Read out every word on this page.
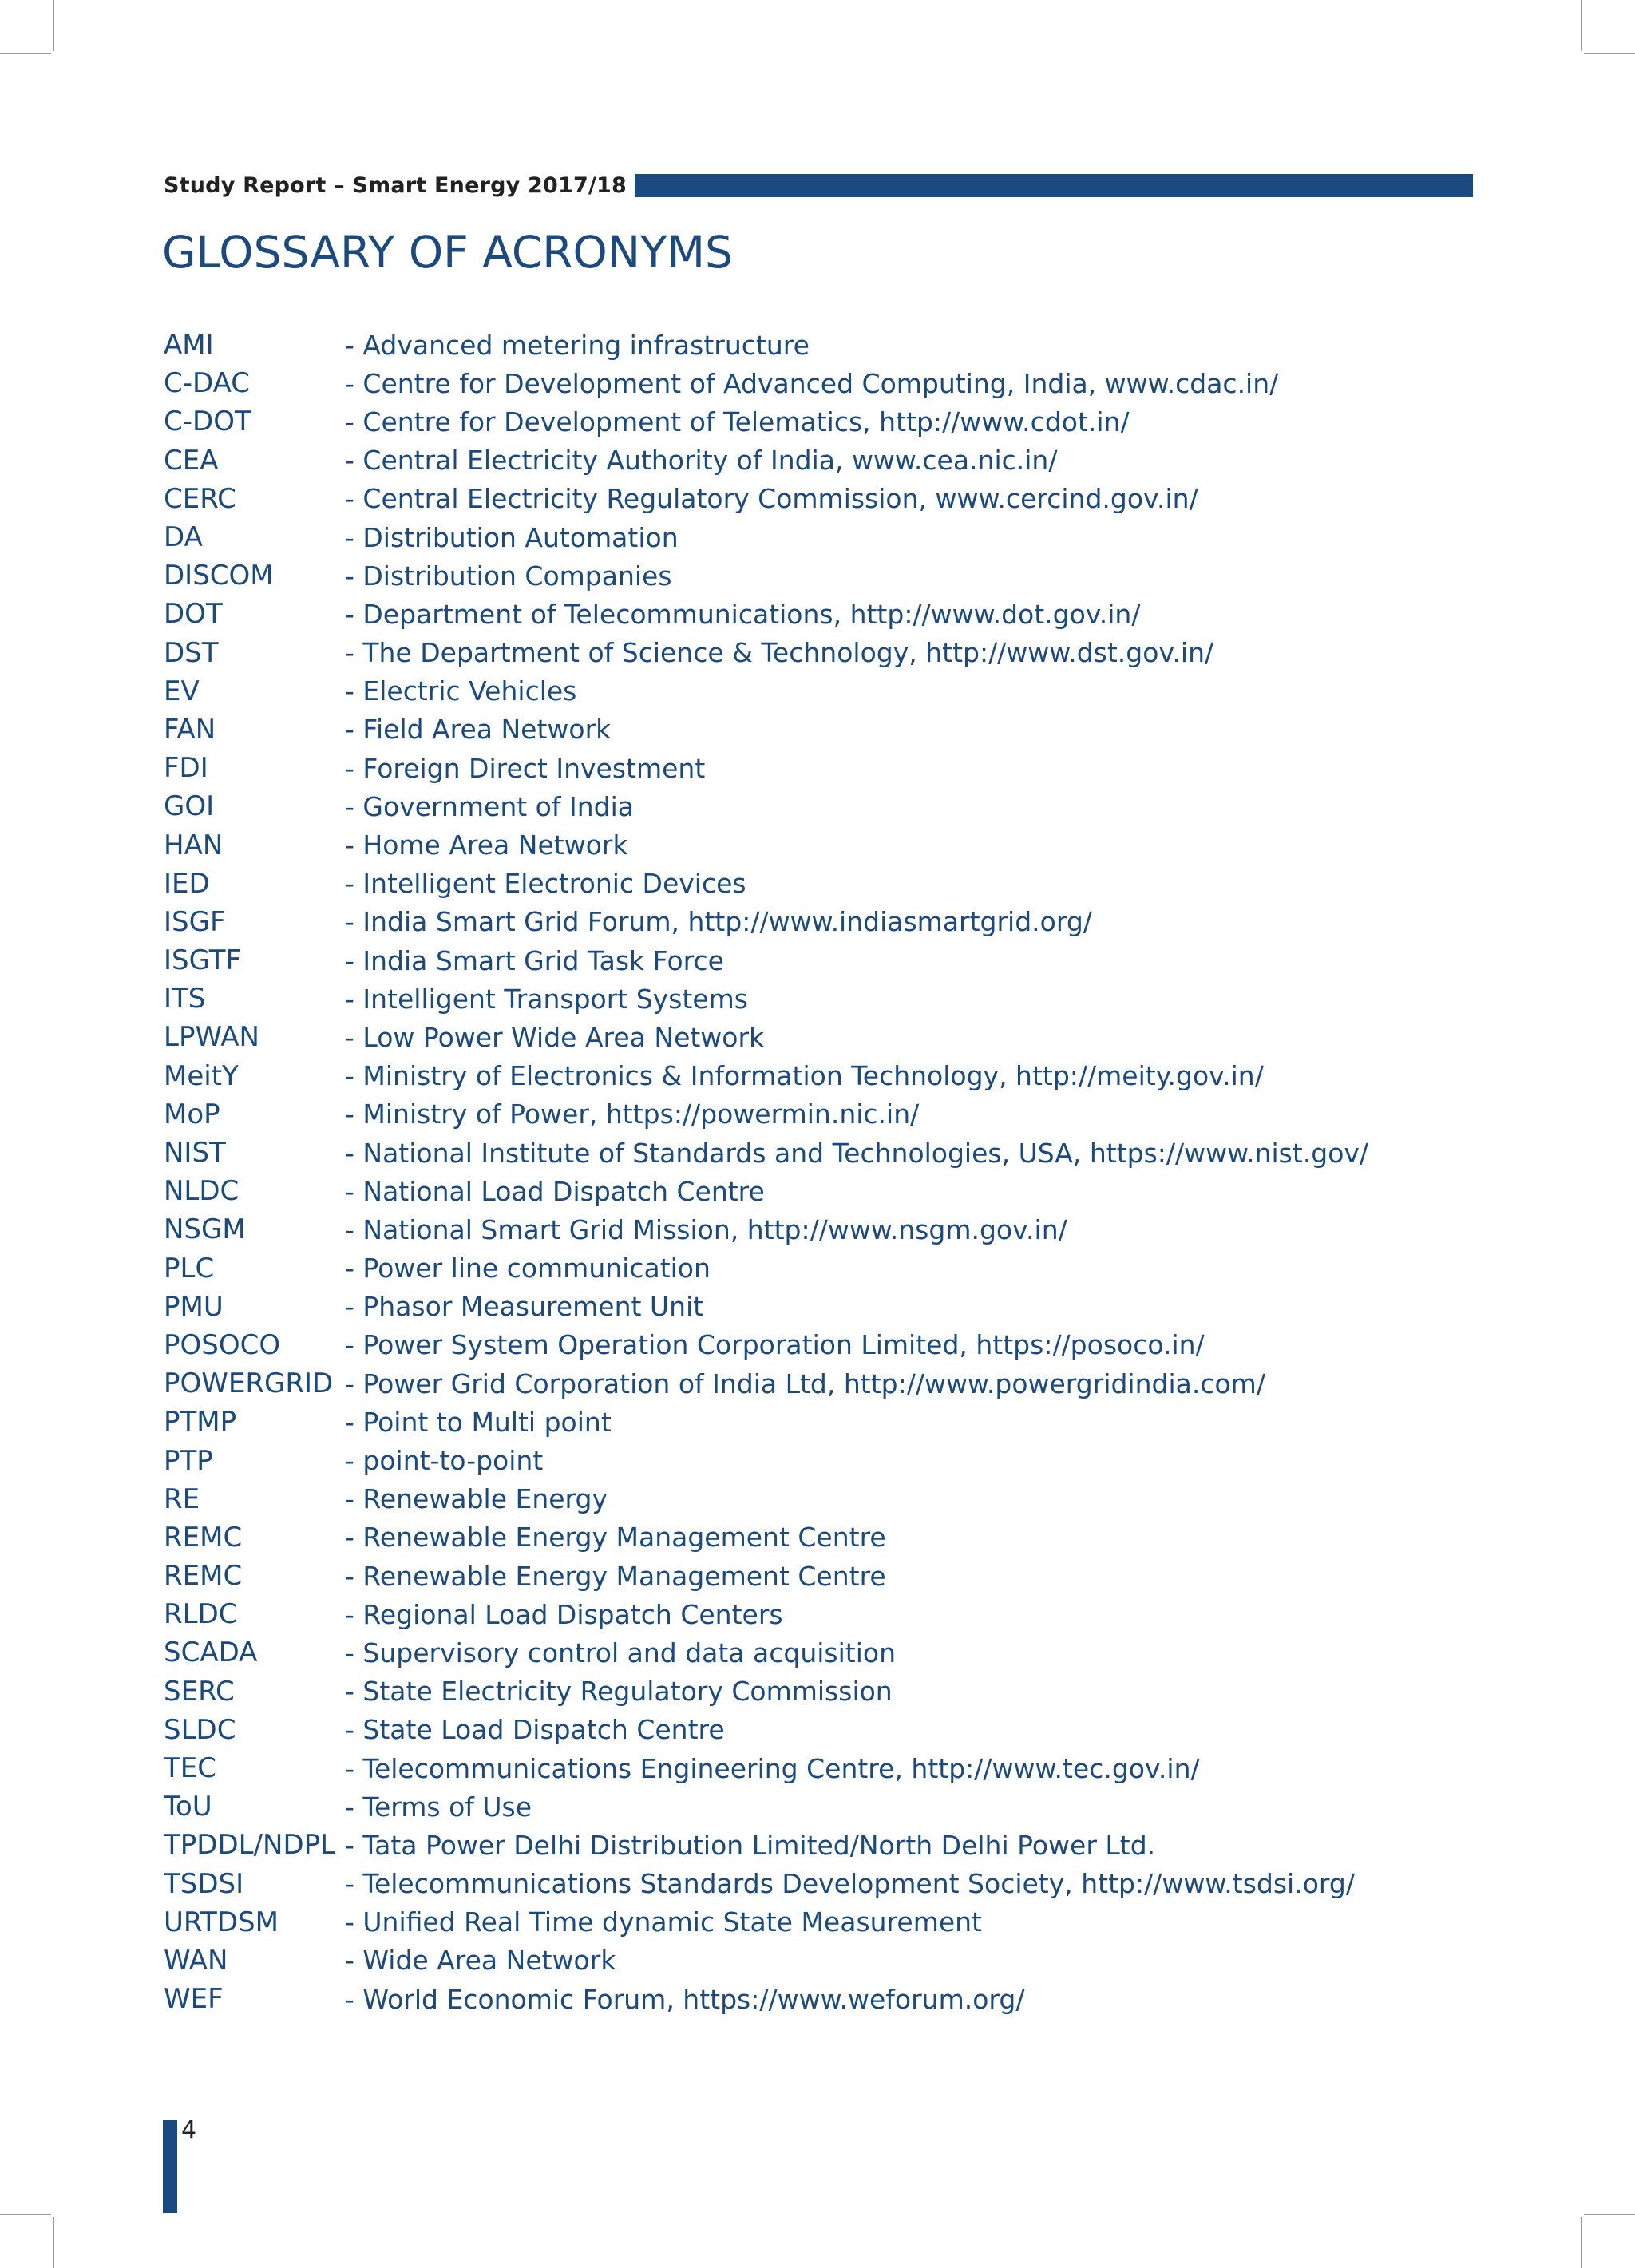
Study Report – Smart Energy 2017/18
GLOSSARY OF ACRONYMS
AMI	- Advanced metering infrastructure
C-DAC	- Centre for Development of Advanced Computing, India, www.cdac.in/
C-DOT	- Centre for Development of Telematics, http://www.cdot.in/
CEA	- Central Electricity Authority of India, www.cea.nic.in/
CERC	- Central Electricity Regulatory Commission, www.cercind.gov.in/
DA	- Distribution Automation
DISCOM	- Distribution Companies
DOT	- Department of Telecommunications, http://www.dot.gov.in/
DST	- The Department of Science & Technology, http://www.dst.gov.in/
EV	- Electric Vehicles
FAN	- Field Area Network
FDI	- Foreign Direct Investment
GOI	- Government of India
HAN	- Home Area Network
IED	- Intelligent Electronic Devices
ISGF	- India Smart Grid Forum, http://www.indiasmartgrid.org/
ISGTF	- India Smart Grid Task Force
ITS	- Intelligent Transport Systems
LPWAN	- Low Power Wide Area Network
MeitY	- Ministry of Electronics & Information Technology, http://meity.gov.in/
MoP	- Ministry of Power, https://powermin.nic.in/
NIST	- National Institute of Standards and Technologies, USA, https://www.nist.gov/
NLDC	- National Load Dispatch Centre
NSGM	- National Smart Grid Mission, http://www.nsgm.gov.in/
PLC	- Power line communication
PMU	- Phasor Measurement Unit
POSOCO	- Power System Operation Corporation Limited, https://posoco.in/
POWERGRID - Power Grid Corporation of India Ltd, http://www.powergridindia.com/
PTMP	- Point to Multi point
PTP	- point-to-point
RE	- Renewable Energy
REMC	- Renewable Energy Management Centre
REMC	- Renewable Energy Management Centre
RLDC	- Regional Load Dispatch Centers
SCADA	- Supervisory control and data acquisition
SERC	- State Electricity Regulatory Commission
SLDC	- State Load Dispatch Centre
TEC	- Telecommunications Engineering Centre, http://www.tec.gov.in/
ToU	- Terms of Use
TPDDL/NDPL - Tata Power Delhi Distribution Limited/North Delhi Power Ltd.
TSDSI	- Telecommunications Standards Development Society, http://www.tsdsi.org/
URTDSM	- Unified Real Time dynamic State Measurement
WAN	- Wide Area Network
WEF	- World Economic Forum, https://www.weforum.org/
4
